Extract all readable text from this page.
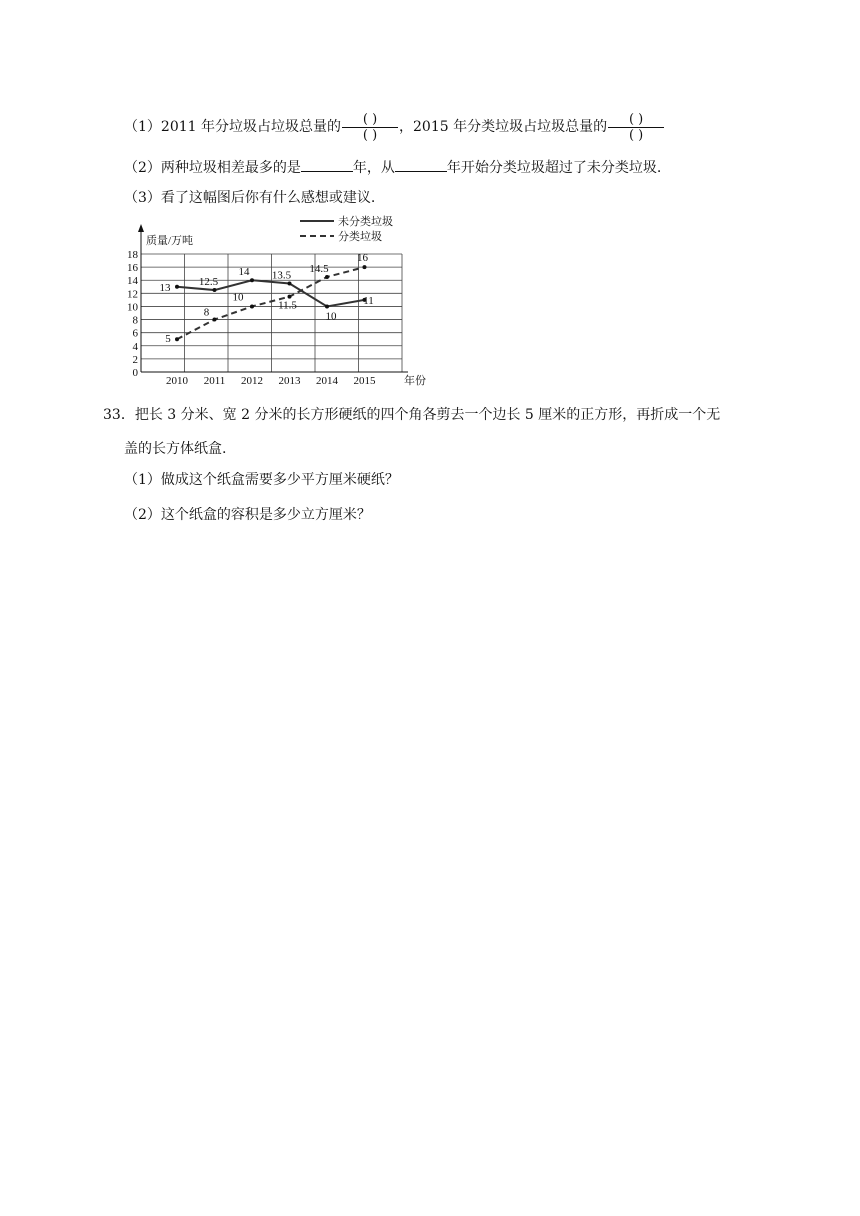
（1）2011 年分垃圾占垃圾总量的 $\frac{( )}{( )}$ ，2015 年分类垃圾占垃圾总量的 $\frac{( )}{( )}$
（2）两种垃圾相差最多的是	年，从	年开始分类垃圾超过了未分类垃圾.
（3）看了这幅图后你有什么感想或建议.
0
2
4
6
8
10
12
14
16
18
质量/万吨
年份
2010 2011 2012 2013 2014 2015
未分类垃圾
分类垃圾
13	12.5
14 13.5
10
11
5
8
10
11.5
14.5
16
33．把长 3 分米、宽 2 分米的长方形硬纸的四个角各剪去一个边长 5 厘米的正方形，再折成一个无
盖的长方体纸盒.
（1）做成这个纸盒需要多少平方厘米硬纸？
（2）这个纸盒的容积是多少立方厘米？
